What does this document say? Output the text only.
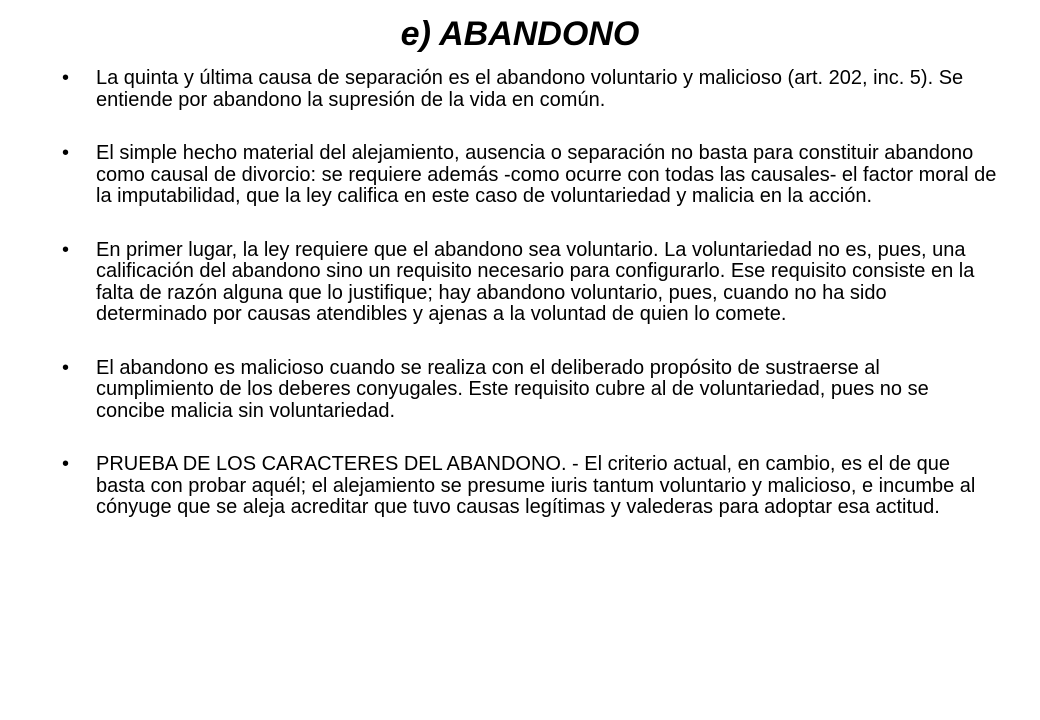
e) ABANDONO
• La quinta y última causa de separación es el abandono voluntario y malicioso (art. 202, inc. 5). Se entiende por abandono la supresión de la vida en común.
• El simple hecho material del alejamiento, ausencia o separación no basta para constituir abandono como causal de divorcio: se requiere además -como ocurre con todas las causales- el factor moral de la imputabilidad, que la ley califica en este caso de voluntariedad y malicia en la acción.
• En primer lugar, la ley requiere que el abandono sea voluntario. La voluntariedad no es, pues, una calificación del abandono sino un requisito necesario para configurarlo. Ese requisito consiste en la falta de razón alguna que lo justifique; hay abandono voluntario, pues, cuando no ha sido determinado por causas atendibles y ajenas a la voluntad de quien lo comete.
• El abandono es malicioso cuando se realiza con el deliberado propósito de sustraerse al cumplimiento de los deberes conyugales. Este requisito cubre al de voluntariedad, pues no se concibe malicia sin voluntariedad.
• PRUEBA DE LOS CARACTERES DEL ABANDONO. - El criterio actual, en cambio, es el de que basta con probar aquél; el alejamiento se presume iuris tantum voluntario y malicioso, e incumbe al cónyuge que se aleja acreditar que tuvo causas legítimas y valederas para adoptar esa actitud.
